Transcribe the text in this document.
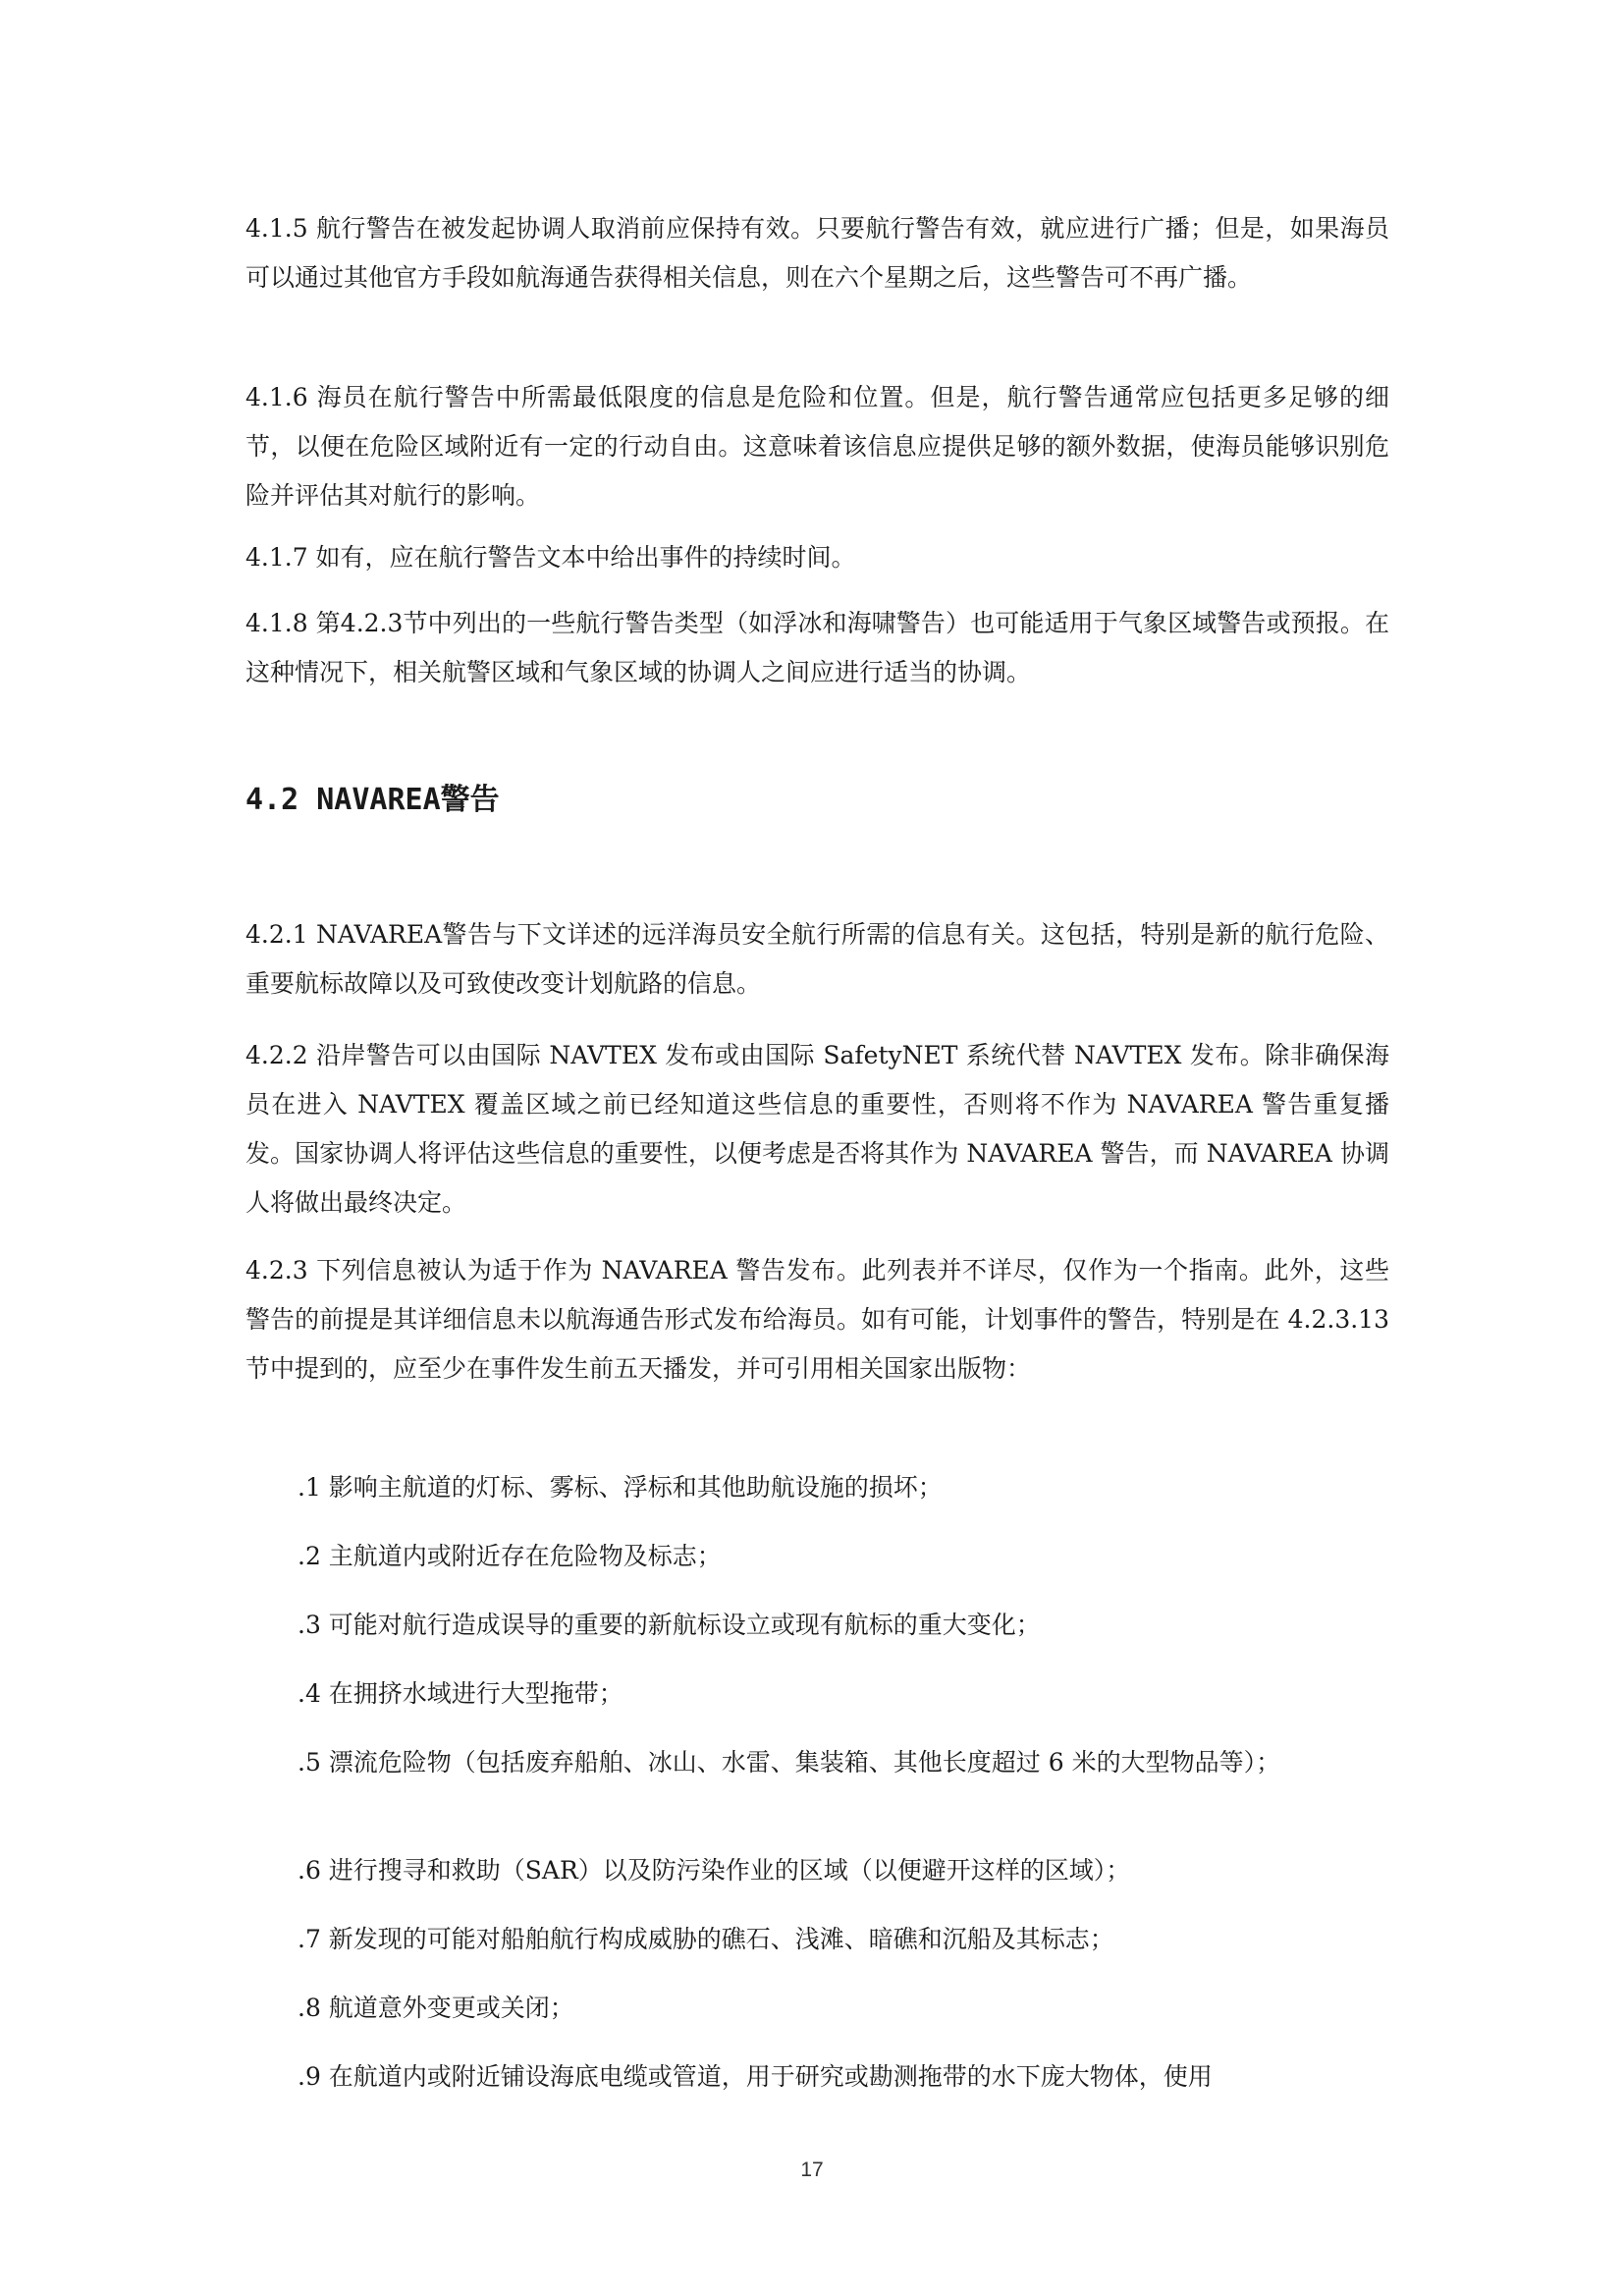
4.1.5 航行警告在被发起协调人取消前应保持有效。只要航行警告有效，就应进行广播；但是，如果海员可以通过其他官方手段如航海通告获得相关信息，则在六个星期之后，这些警告可不再广播。

4.1.6 海员在航行警告中所需最低限度的信息是危险和位置。但是，航行警告通常应包括更多足够的细节，以便在危险区域附近有一定的行动自由。这意味着该信息应提供足够的额外数据，使海员能够识别危险并评估其对航行的影响。

4.1.7 如有，应在航行警告文本中给出事件的持续时间。

4.1.8 第4.2.3节中列出的一些航行警告类型（如浮冰和海啸警告）也可能适用于气象区域警告或预报。在这种情况下，相关航警区域和气象区域的协调人之间应进行适当的协调。

4.2 NAVAREA警告

4.2.1 NAVAREA警告与下文详述的远洋海员安全航行所需的信息有关。这包括，特别是新的航行危险、重要航标故障以及可致使改变计划航路的信息。

4.2.2 沿岸警告可以由国际 NAVTEX 发布或由国际 SafetyNET 系统代替 NAVTEX 发布。除非确保海员在进入 NAVTEX 覆盖区域之前已经知道这些信息的重要性，否则将不作为 NAVAREA 警告重复播发。国家协调人将评估这些信息的重要性，以便考虑是否将其作为 NAVAREA 警告，而 NAVAREA 协调人将做出最终决定。

4.2.3 下列信息被认为适于作为 NAVAREA 警告发布。此列表并不详尽，仅作为一个指南。此外，这些警告的前提是其详细信息未以航海通告形式发布给海员。如有可能，计划事件的警告，特别是在 4.2.3.13 节中提到的，应至少在事件发生前五天播发，并可引用相关国家出版物：

.1 影响主航道的灯标、雾标、浮标和其他助航设施的损坏；

.2 主航道内或附近存在危险物及标志；

.3 可能对航行造成误导的重要的新航标设立或现有航标的重大变化；

.4 在拥挤水域进行大型拖带；

.5 漂流危险物（包括废弃船舶、冰山、水雷、集装箱、其他长度超过 6 米的大型物品等）；

.6 进行搜寻和救助（SAR）以及防污染作业的区域（以便避开这样的区域）；

.7 新发现的可能对船舶航行构成威胁的礁石、浅滩、暗礁和沉船及其标志；

.8 航道意外变更或关闭；

.9 在航道内或附近铺设海底电缆或管道，用于研究或勘测拖带的水下庞大物体，使用

17
